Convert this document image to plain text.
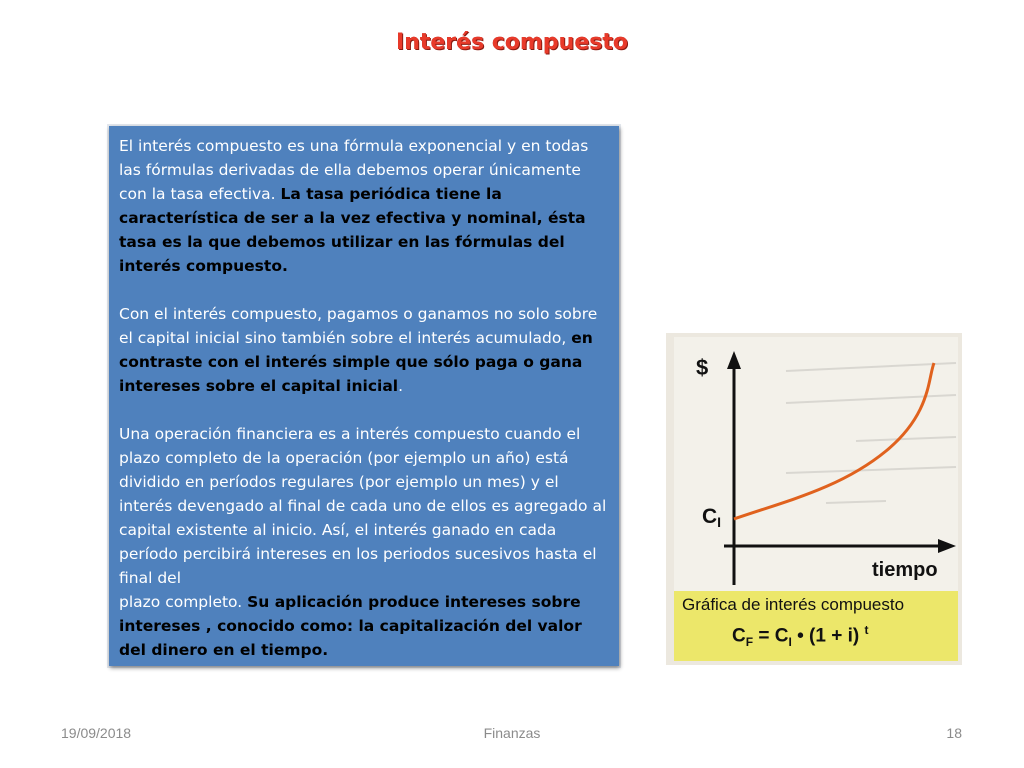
Interés compuesto

El interés compuesto es una fórmula exponencial y en todas las fórmulas derivadas de ella debemos operar únicamente con la tasa efectiva. La tasa periódica tiene la característica de ser a la vez efectiva y nominal, ésta tasa es la que debemos utilizar en las fórmulas del interés compuesto.

Con el interés compuesto, pagamos o ganamos no solo sobre el capital inicial sino también sobre el interés acumulado, en contraste con el interés simple que sólo paga o gana intereses sobre el capital inicial.

Una operación financiera es a interés compuesto cuando el plazo completo de la operación (por ejemplo un año) está dividido en períodos regulares (por ejemplo un mes) y el interés devengado al final de cada uno de ellos es agregado al capital existente al inicio. Así, el interés ganado en cada período percibirá intereses en los periodos sucesivos hasta el final del
plazo completo. Su aplicación produce intereses sobre intereses , conocido como: la capitalización del valor del dinero en el tiempo.

$
tiempo
CI
Gráfica de interés compuesto
$C_F = C_I$ • (1 + i) $^t$
19/09/2018	Finanzas	18
